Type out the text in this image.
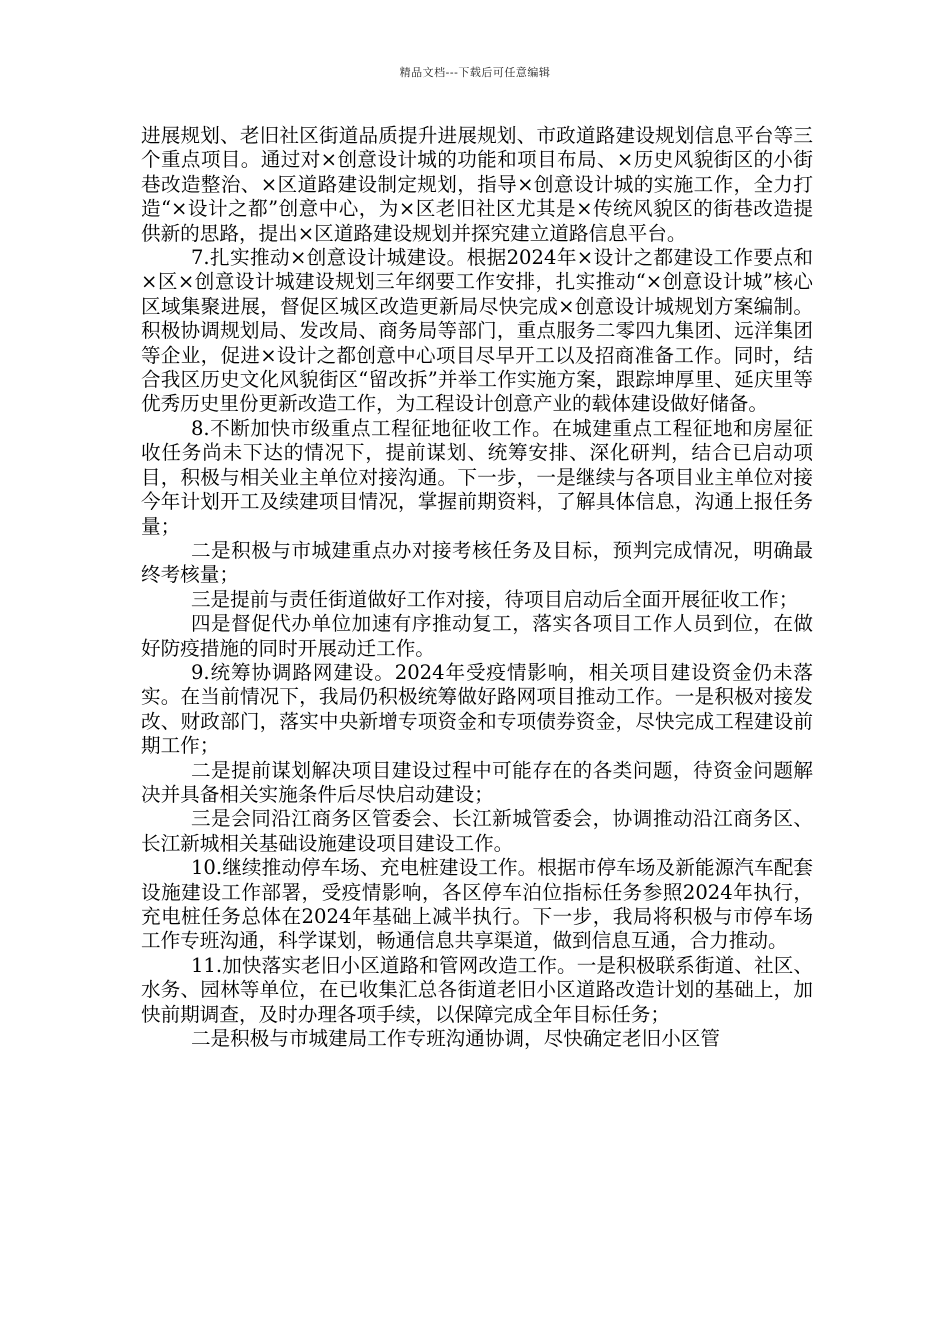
精品文档---下载后可任意编辑

进展规划、老旧社区街道品质提升进展规划、市政道路建设规划信息平台等三个重点项目。通过对×创意设计城的功能和项目布局、×历史风貌街区的小街巷改造整治、×区道路建设制定规划，指导×创意设计城的实施工作，全力打造“×设计之都”创意中心，为×区老旧社区尤其是×传统风貌区的街巷改造提供新的思路，提出×区道路建设规划并探究建立道路信息平台。

7.扎实推动×创意设计城建设。根据2024年×设计之都建设工作要点和×区×创意设计城建设规划三年纲要工作安排，扎实推动“×创意设计城”核心区域集聚进展，督促区城区改造更新局尽快完成×创意设计城规划方案编制。积极协调规划局、发改局、商务局等部门，重点服务二零四九集团、远洋集团等企业，促进×设计之都创意中心项目尽早开工以及招商准备工作。同时，结合我区历史文化风貌街区“留改拆”并举工作实施方案，跟踪坤厚里、延庆里等优秀历史里份更新改造工作，为工程设计创意产业的载体建设做好储备。

8.不断加快市级重点工程征地征收工作。在城建重点工程征地和房屋征收任务尚未下达的情况下，提前谋划、统筹安排、深化研判，结合已启动项目，积极与相关业主单位对接沟通。下一步，一是继续与各项目业主单位对接今年计划开工及续建项目情况，掌握前期资料，了解具体信息，沟通上报任务量；

二是积极与市城建重点办对接考核任务及目标，预判完成情况，明确最终考核量；

三是提前与责任街道做好工作对接，待项目启动后全面开展征收工作；

四是督促代办单位加速有序推动复工，落实各项目工作人员到位，在做好防疫措施的同时开展动迁工作。

9.统筹协调路网建设。2024年受疫情影响，相关项目建设资金仍未落实。在当前情况下，我局仍积极统筹做好路网项目推动工作。一是积极对接发改、财政部门，落实中央新增专项资金和专项债券资金，尽快完成工程建设前期工作；

二是提前谋划解决项目建设过程中可能存在的各类问题，待资金问题解决并具备相关实施条件后尽快启动建设；

三是会同沿江商务区管委会、长江新城管委会，协调推动沿江商务区、长江新城相关基础设施建设项目建设工作。

10.继续推动停车场、充电桩建设工作。根据市停车场及新能源汽车配套设施建设工作部署，受疫情影响，各区停车泊位指标任务参照2024年执行，充电桩任务总体在2024年基础上减半执行。下一步，我局将积极与市停车场工作专班沟通，科学谋划，畅通信息共享渠道，做到信息互通，合力推动。

11.加快落实老旧小区道路和管网改造工作。一是积极联系街道、社区、水务、园林等单位，在已收集汇总各街道老旧小区道路改造计划的基础上，加快前期调查，及时办理各项手续，以保障完成全年目标任务；

二是积极与市城建局工作专班沟通协调，尽快确定老旧小区管
